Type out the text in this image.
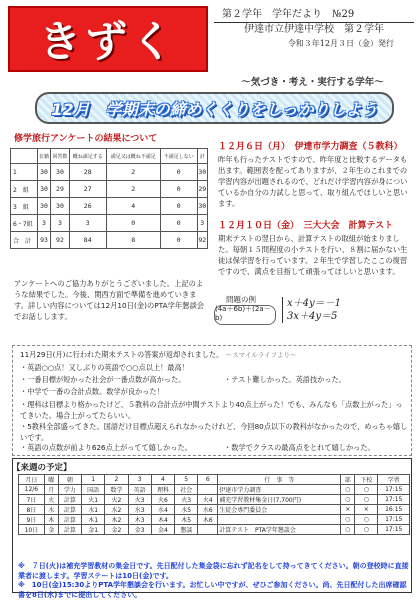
きずく
第２学年　学年だより　№29
伊達市立伊達中学校　第２学年
令和３年12月３日（金）発行
～気づき・考え・実行する学年～
12月　学期末の締めくくりをしっかりしよう
修学旅行アンケートの結果について
	在籍	回答数	概ね満足する	満足又は概ね不満足	不満足しない	計
1	30	30	28	2	0	30
2　組	30	29	27	2	0	29
3　組	30	30	26	4	0	30
6・7組	3	3	3	0	0	3
合　計	93	92	84	8	0	92
アンケートへのご協力ありがとうございました。上記のような結果でした。今後、関西方面で準備を進めていきます。詳しい内容については12月10日(金)のPTA学年懇談会でお話しします。
１２月６日（月）　伊達市学力調査（５教科）
昨年も行ったテストですので、昨年度と比較するデータも出ます。範囲表を配ってありますが、２年生のこれまでの学習内容が出題されるので、どれだけ学習内容が身についているか自分の力試しと思って、取り組んでほしいと思います。
１２月１０日（金）　三大大会　計算テスト
期末テストの翌日から、計算テストの取組が始まりました。毎朝１５問程度の小テストを行い、８割に届かない生徒は保学習を行っています。２年生で学習したここの復習ですので、満点を目指して頑張ってほしいと思います。
問題の例
(4a＋6b)＋(2a－b)
x＋4y＝－1
3x＋4y＝5
11月29日(月)に行われた期末テストの答案が返却されました。 ～スマイルライフより～
・英語○○点！又しぶりの英語で○○点以上！最高！
・一番目標が短かった社会が一番点数が高かった。	・テスト難しかった。英語技かった。
・中学で一番の合計点数。数学が良かった！
・理科は目標より格かったけど、５教科の合計点が中間テストより40点上がった！でも、みんなも「点数上がった」ってきいた。場合上がってたらいい。
・5教科全部盛ってきた。国語だけ目標点超えられなかったけれど、今回80点以下の教科がなかったので、めっちゃ嬉しいです。
・英語の点数が前より626点上がってて嬉しかった。	・数学でクラスの最高点をとれて嬉しかった。
【来週の予定】
月日	曜	朝	1	2	3	4	5	6	行　事　等	部	下校	学習
12/6	月	学力	国語	数学	英語	理科	社会		伊達市学力調査	○	○	17:15
7日	火	計算	火1	火2	火3	火6	火3	火4	補充学習教材集金日(7,700円)	○	○	17:15
8日	水	計算	水1	水2	水3	水4	水5	水6	生徒会専門委員会	×	×	16:15
9日	木	計算	木1	木2	木3	木4	木5	木6		○	○	17:15
10日	金	計算	金1	金2	金3	金4	懇談		計算テスト　PTA学年懇談会	○	○	17:15
※　７日(火)は補充学習教材の集金日です。先日配付した集金袋に忘れず記名をして持ってきてください。朝の登校時に直接業者に渡します。学習ステートは10日(金)です。
※　10日(金)15:30よりPTA学年懇談会を行います。お忙しい中ですが、ぜひご参加ください。尚、先日配付した出席確認書を8日(水)までに提出してください。
